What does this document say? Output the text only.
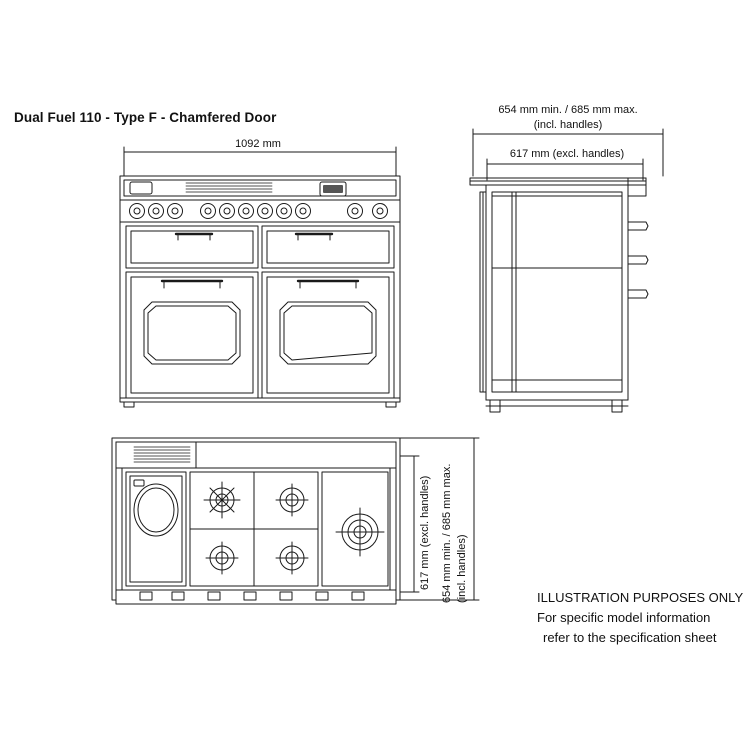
Dual Fuel 110 - Type F - Chamfered Door
1092 mm
654 mm min. / 685 mm max.
(incl. handles)
617 mm (excl. handles)
617 mm (excl. handles) 654 mm min. / 685 mm max. (incl. handles)	ILLUSTRATION PURPOSES ONLY
For specific model information
refer to the specification sheet
